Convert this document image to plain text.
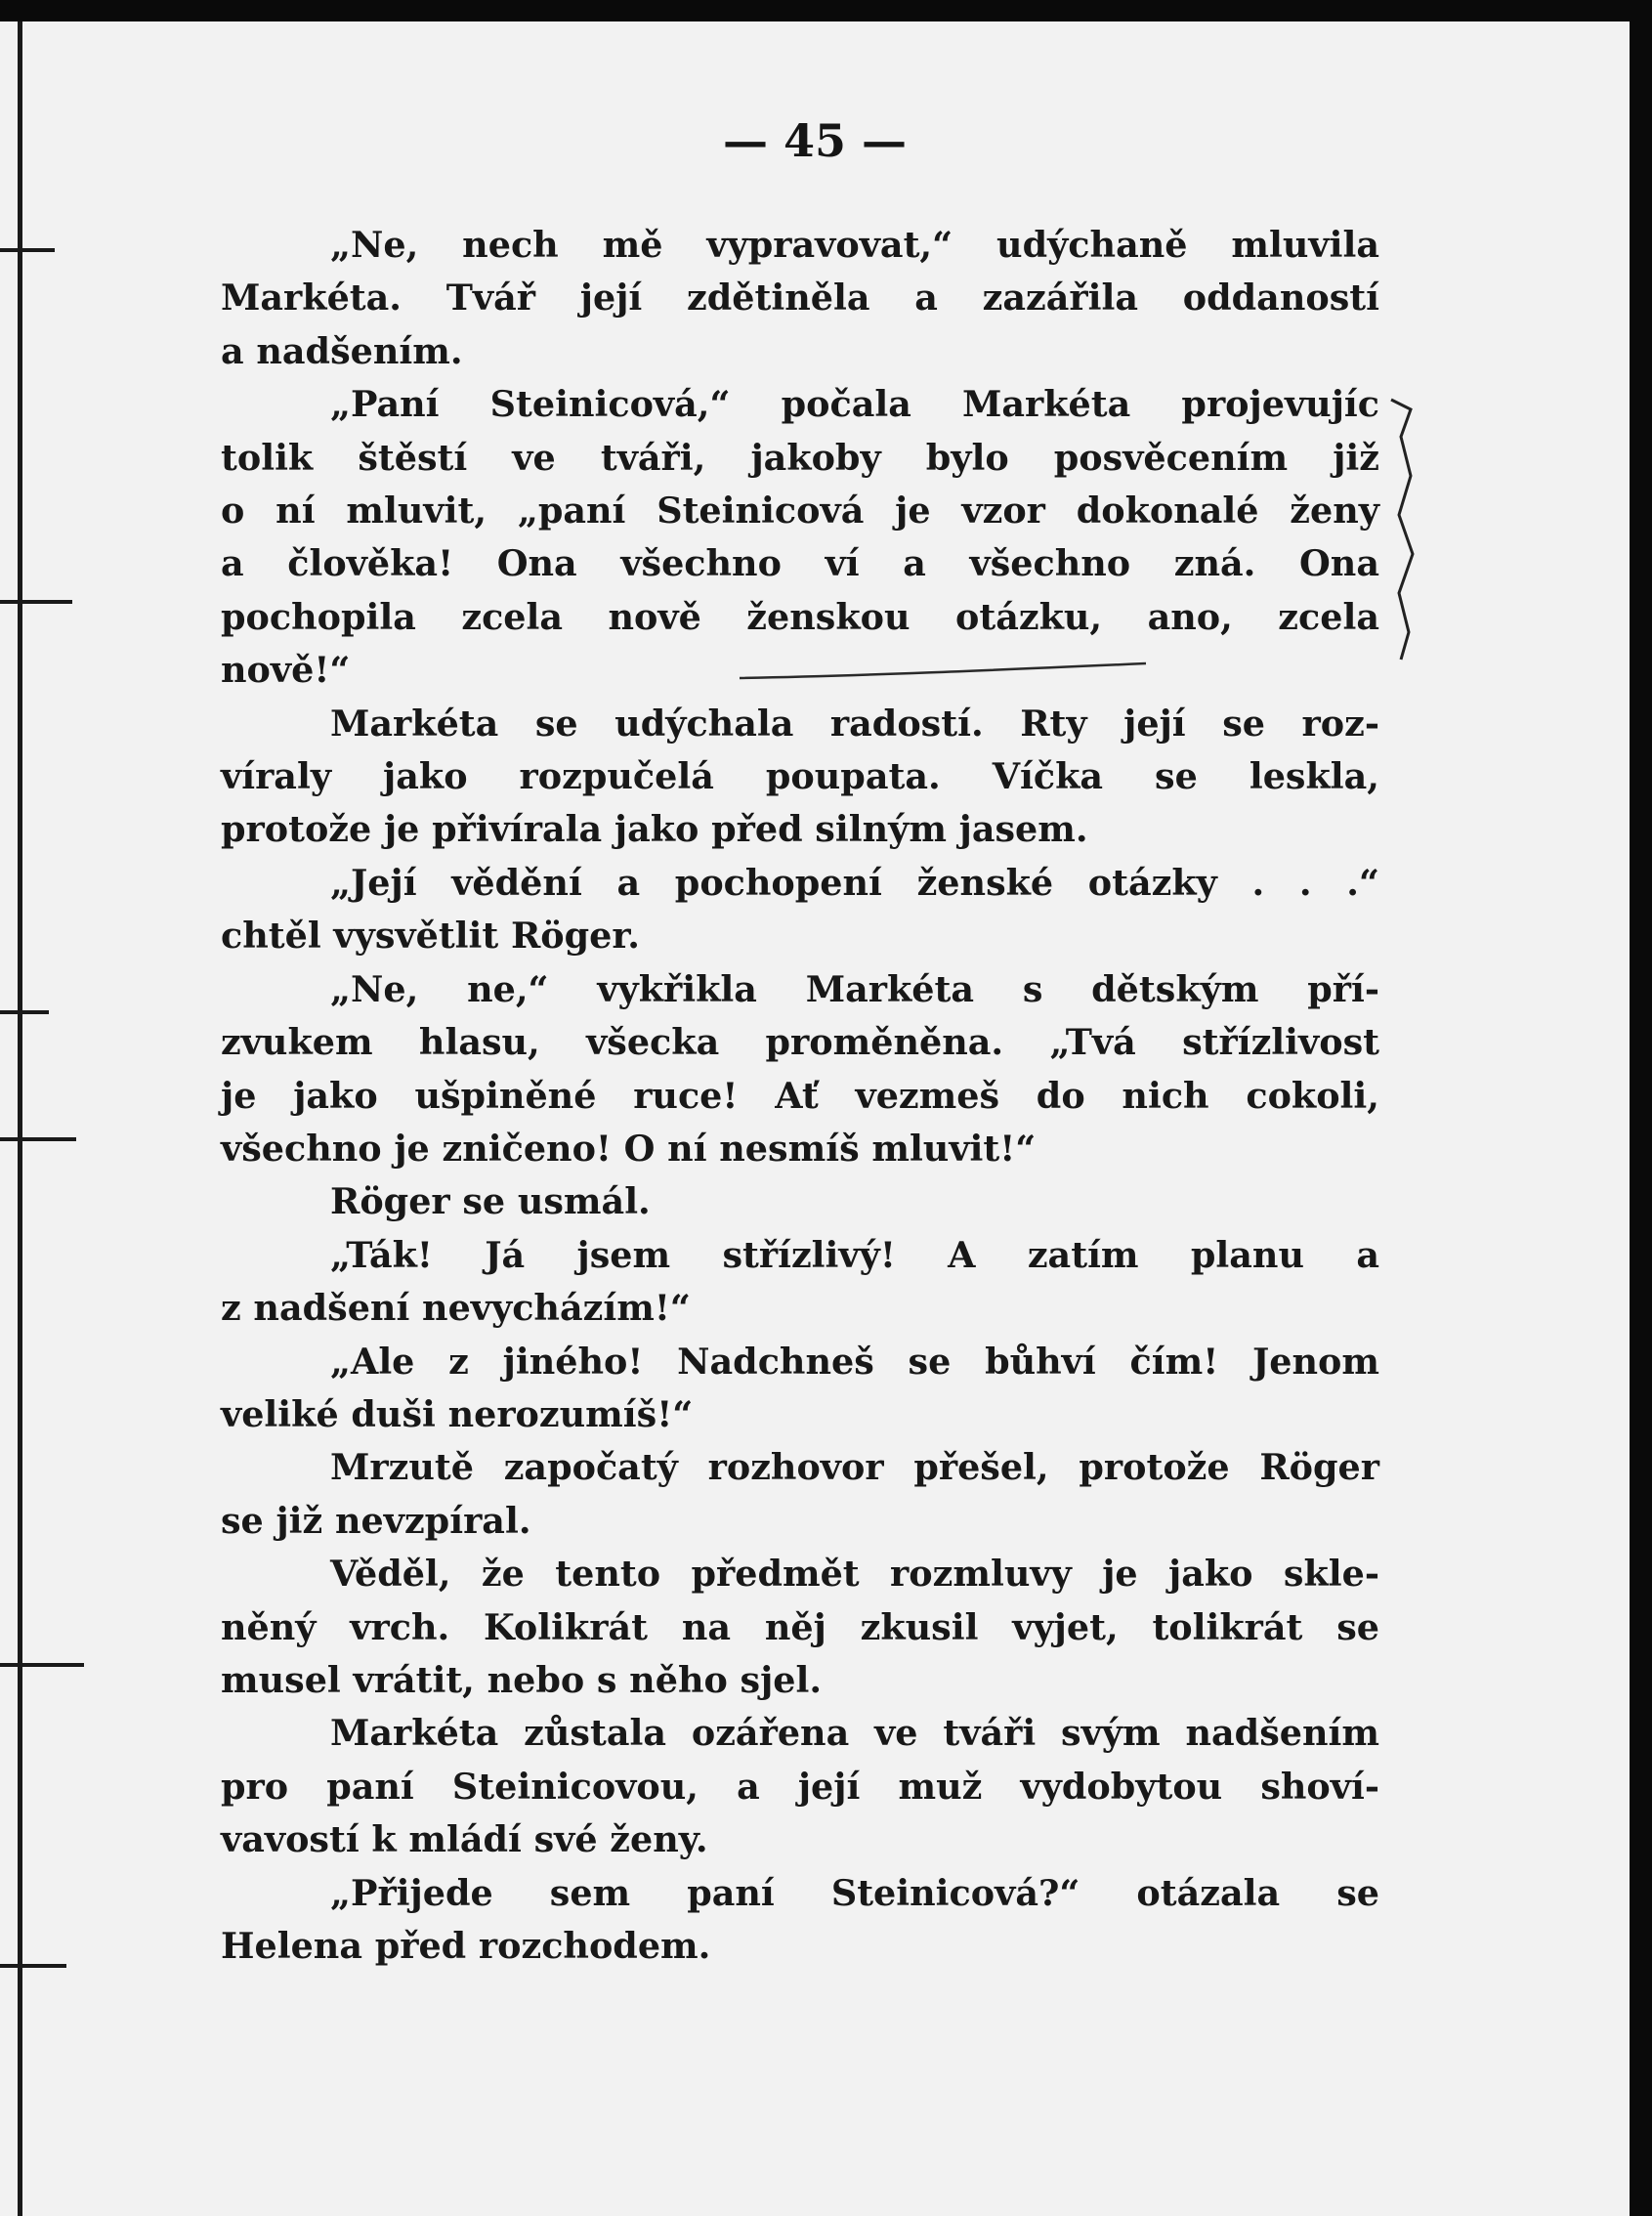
— 45 —
„Ne, nech mě vypravovat,“ udýchaně mluvila
Markéta. Tvář její zdětiněla a zazářila oddaností
a nadšením.
„Paní Steinicová,“ počala Markéta projevujíc
tolik štěstí ve tváři, jakoby bylo posvěcením již
o ní mluvit, „paní Steinicová je vzor dokonalé ženy
a člověka! Ona všechno ví a všechno zná. Ona
pochopila zcela nově ženskou otázku, ano, zcela
nově!“
Markéta se udýchala radostí. Rty její se roz-
víraly jako rozpučelá poupata. Víčka se leskla,
protože je přivírala jako před silným jasem.
„Její vědění a pochopení ženské otázky . . .“
chtěl vysvětlit Röger.
„Ne, ne,“ vykřikla Markéta s dětským pří-
zvukem hlasu, všecka proměněna. „Tvá střízlivost
je jako ušpiněné ruce! Ať vezmeš do nich cokoli,
všechno je zničeno! O ní nesmíš mluvit!“
Röger se usmál.
„Ták! Já jsem střízlivý! A zatím planu a
z nadšení nevycházím!“
„Ale z jiného! Nadchneš se bůhví čím! Jenom
veliké duši nerozumíš!“
Mrzutě započatý rozhovor přešel, protože Röger
se již nevzpíral.
Věděl, že tento předmět rozmluvy je jako skle-
něný vrch. Kolikrát na něj zkusil vyjet, tolikrát se
musel vrátit, nebo s něho sjel.
Markéta zůstala ozářena ve tváři svým nadšením
pro paní Steinicovou, a její muž vydobytou shoví-
vavostí k mládí své ženy.
„Přijede sem paní Steinicová?“ otázala se
Helena před rozchodem.
